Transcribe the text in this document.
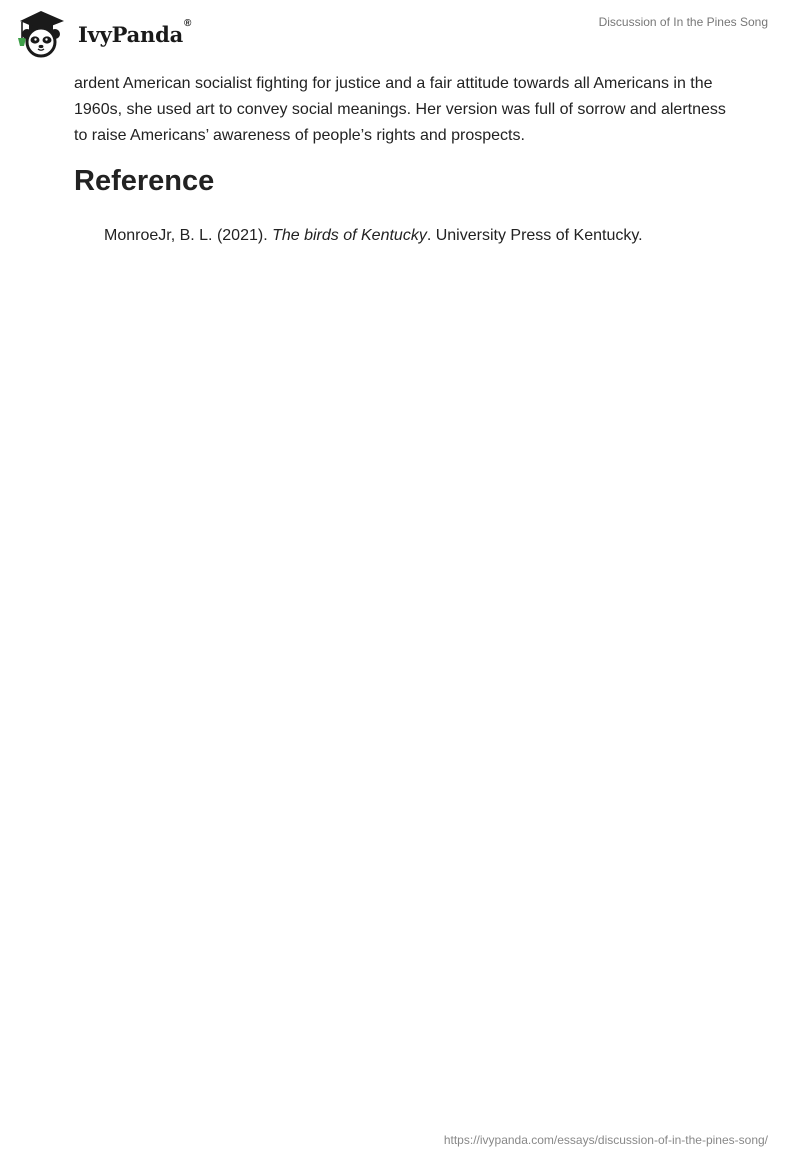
IvyPanda®	Discussion of In the Pines Song

ardent American socialist fighting for justice and a fair attitude towards all Americans in the 1960s, she used art to convey social meanings. Her version was full of sorrow and alertness to raise Americans’ awareness of people’s rights and prospects.

Reference
MonroeJr, B. L. (2021). The birds of Kentucky. University Press of Kentucky.
https://ivypanda.com/essays/discussion-of-in-the-pines-song/
